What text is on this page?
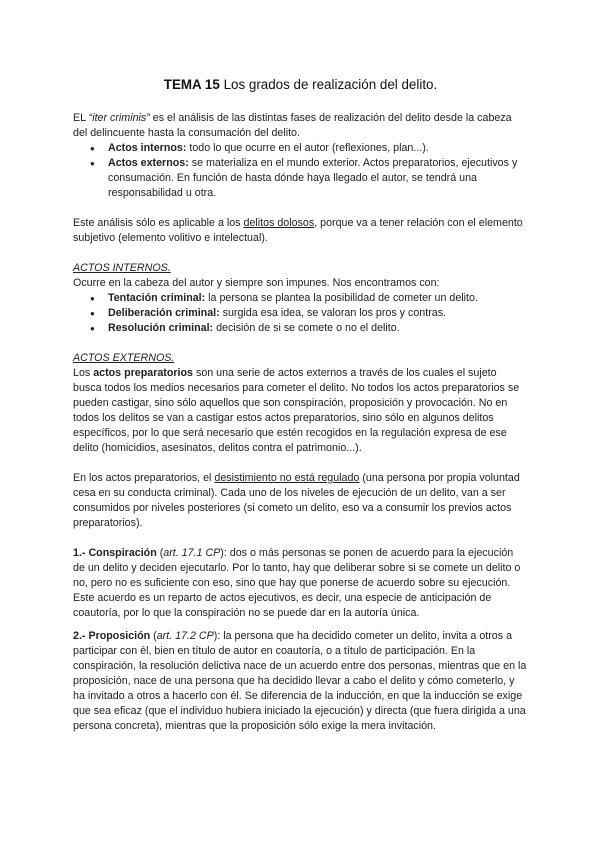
TEMA 15 Los grados de realización del delito.

EL “iter criminis” es el análisis de las distintas fases de realización del delito desde la cabeza del delincuente hasta la consumación del delito.

● Actos internos: todo lo que ocurre en el autor (reflexiones, plan...).
● Actos externos: se materializa en el mundo exterior. Actos preparatorios, ejecutivos y consumación. En función de hasta dónde haya llegado el autor, se tendrá una responsabilidad u otra.

Este análisis sólo es aplicable a los delitos dolosos, porque va a tener relación con el elemento subjetivo (elemento volitivo e intelectual).

ACTOS INTERNOS.

Ocurre en la cabeza del autor y siempre son impunes. Nos encontramos con:

● Tentación criminal: la persona se plantea la posibilidad de cometer un delito.
● Deliberación criminal: surgida esa idea, se valoran los pros y contras.
● Resolución criminal: decisión de si se comete o no el delito.

ACTOS EXTERNOS.

Los actos preparatorios son una serie de actos externos a través de los cuales el sujeto busca todos los medios necesarios para cometer el delito. No todos los actos preparatorios se pueden castigar, sino sólo aquellos que son conspiración, proposición y provocación. No en todos los delitos se van a castigar estos actos preparatorios, sino sólo en algunos delitos específicos, por lo que será necesario que estén recogidos en la regulación expresa de ese delito (homicidios, asesinatos, delitos contra el patrimonio...).

En los actos preparatorios, el desistimiento no está regulado (una persona por propia voluntad cesa en su conducta criminal). Cada uno de los niveles de ejecución de un delito, van a ser consumidos por niveles posteriores (si cometo un delito, eso va a consumir los previos actos preparatorios).

1.- Conspiración (art. 17.1 CP): dos o más personas se ponen de acuerdo para la ejecución de un delito y deciden ejecutarlo. Por lo tanto, hay que deliberar sobre si se comete un delito o no, pero no es suficiente con eso, sino que hay que ponerse de acuerdo sobre su ejecución. Este acuerdo es un reparto de actos ejecutivos, es decir, una especie de anticipación de coautoría, por lo que la conspiración no se puede dar en la autoría única.

2.- Proposición (art. 17.2 CP): la persona que ha decidido cometer un delito, invita a otros a participar con él, bien en título de autor en coautoría, o a título de participación. En la conspiración, la resolución delictiva nace de un acuerdo entre dos personas, mientras que en la proposición, nace de una persona que ha decidido llevar a cabo el delito y cómo cometerlo, y ha invitado a otros a hacerlo con él. Se diferencia de la inducción, en que la inducción se exige que sea eficaz (que el individuo hubiera iniciado la ejecución) y directa (que fuera dirigida a una persona concreta), mientras que la proposición sólo exige la mera invitación.
